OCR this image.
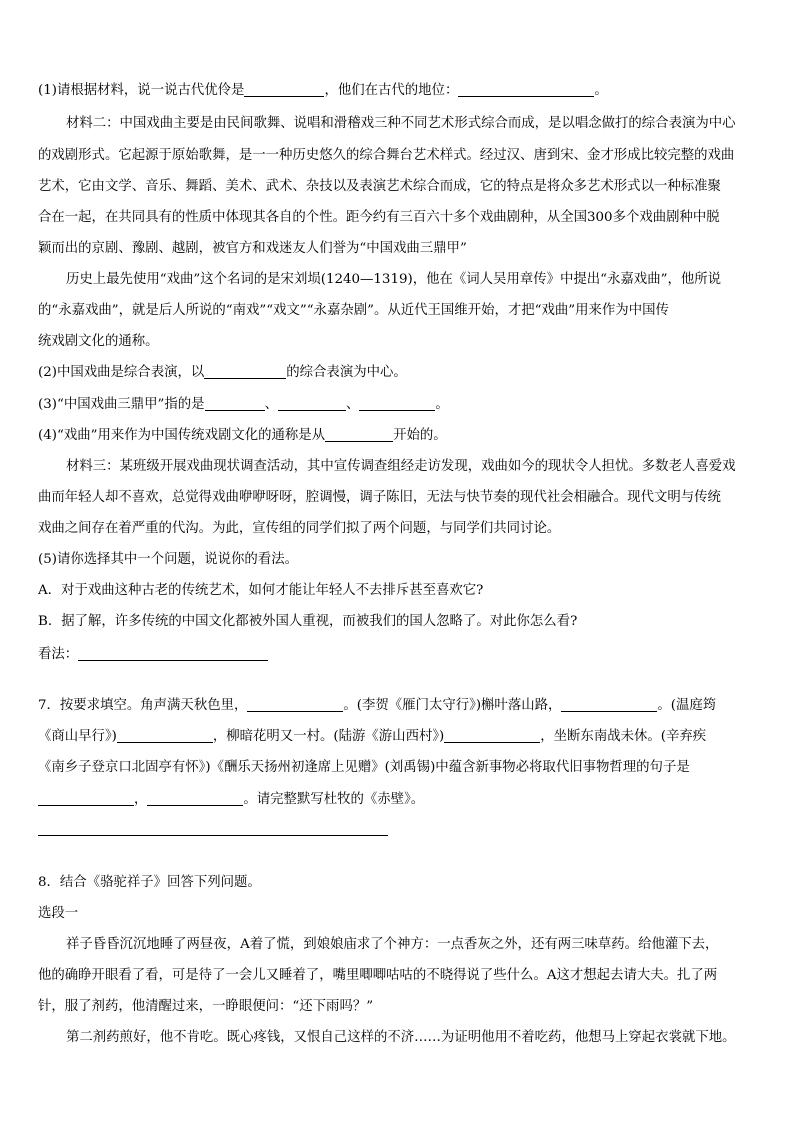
(1)请根据材料，说一说古代优伶是	，他们在古代的地位：	。
材料二：中国戏曲主要是由民间歌舞、说唱和滑稽戏三种不同艺术形式综合而成，是以唱念做打的综合表演为中心
的戏剧形式。它起源于原始歌舞，是一一种历史悠久的综合舞台艺术样式。经过汉、唐到宋、金才形成比较完整的戏曲
艺术，它由文学、音乐、舞蹈、美术、武术、杂技以及表演艺术综合而成，它的特点是将众多艺术形式以一种标准聚
合在一起，在共同具有的性质中体现其各自的个性。距今约有三百六十多个戏曲剧种，从全国300多个戏曲剧种中脱
颖而出的京剧、豫剧、越剧，被官方和戏迷友人们誉为“中国戏曲三鼎甲”
历史上最先使用“戏曲”这个名词的是宋刘埙(1240—1319)，他在《词人吴用章传》中提出“永嘉戏曲”，他所说
的“永嘉戏曲”，就是后人所说的“南戏”“戏文”“永嘉杂剧”。从近代王国维开始，才把“戏曲”用来作为中国传
统戏剧文化的通称。
(2)中国戏曲是综合表演，以	的综合表演为中心。
(3)“中国戏曲三鼎甲”指的是	、	、	。
(4)“戏曲”用来作为中国传统戏剧文化的通称是从	开始的。
材料三：某班级开展戏曲现状调查活动，其中宣传调查组经走访发现，戏曲如今的现状令人担忧。多数老人喜爱戏
曲而年轻人却不喜欢，总觉得戏曲咿咿呀呀，腔调慢，调子陈旧，无法与快节奏的现代社会相融合。现代文明与传统
戏曲之间存在着严重的代沟。为此，宣传组的同学们拟了两个问题，与同学们共同讨论。
(5)请你选择其中一个问题，说说你的看法。
A．对于戏曲这种古老的传统艺术，如何才能让年轻人不去排斥甚至喜欢它?
B．据了解，许多传统的中国文化都被外国人重视，而被我们的国人忽略了。对此你怎么看?
看法：
7．按要求填空。角声满天秋色里，	。(李贺《雁门太守行》)槲叶落山路，	。(温庭筠
《商山早行》)	，柳暗花明又一村。(陆游《游山西村》)	，坐断东南战未休。(辛弃疾
《南乡子登京口北固亭有怀》)《酬乐天扬州初逢席上见赠》(刘禹锡)中蕴含新事物必将取代旧事物哲理的句子是
，	。请完整默写杜牧的《赤壁》。
8．结合《骆驼祥子》回答下列问题。
选段一
祥子昏昏沉沉地睡了两昼夜，A着了慌，到娘娘庙求了个神方：一点香灰之外，还有两三味草药。给他灌下去，
他的确睁开眼看了看，可是待了一会儿又睡着了，嘴里唧唧咕咕的不晓得说了些什么。A这才想起去请大夫。扎了两
针，服了剂药，他清醒过来，一睁眼便问：“还下雨吗？”
第二剂药煎好，他不肯吃。既心疼钱，又恨自己这样的不济……为证明他用不着吃药，他想马上穿起衣裳就下地。
